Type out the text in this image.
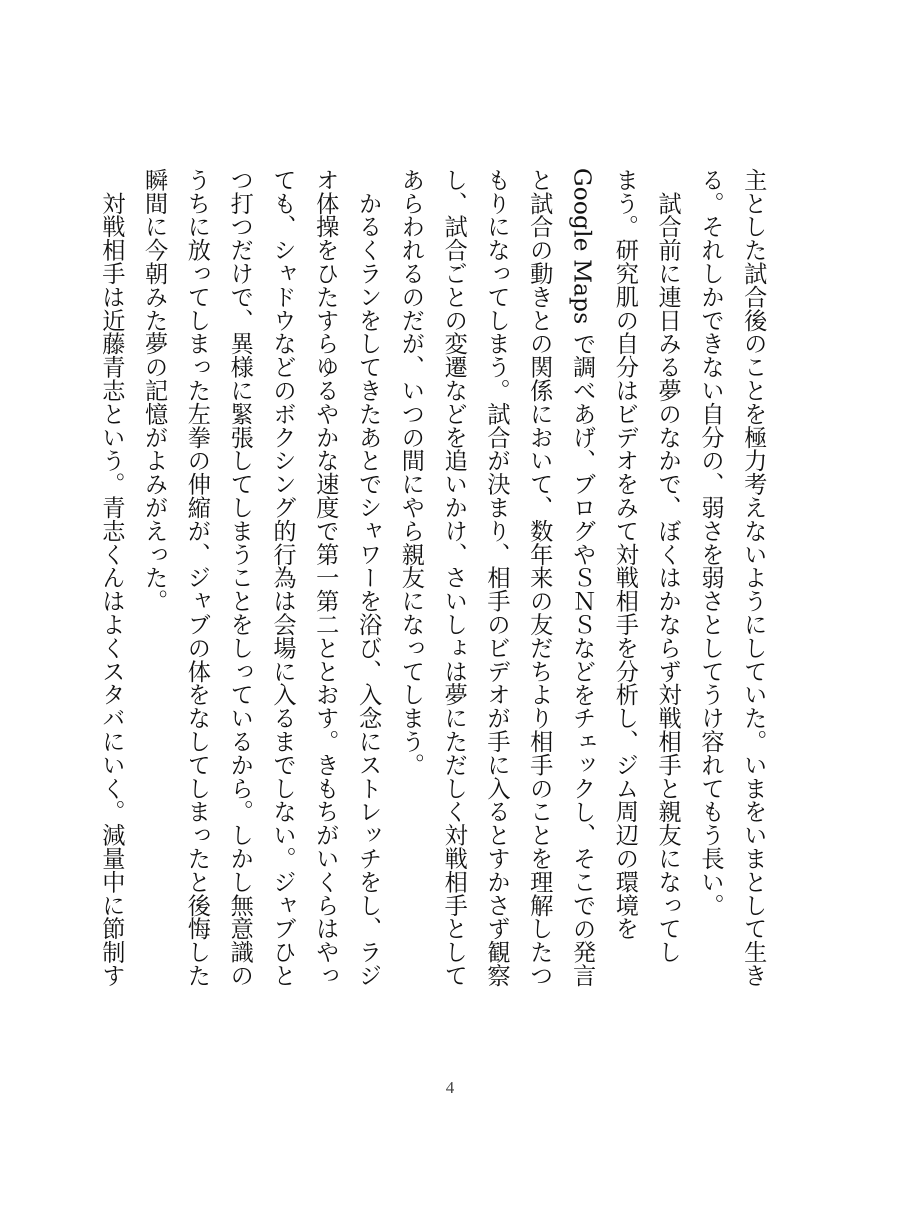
主とした試合後のことを極力考えないようにしていた。いまをいまとして生き
る。それしかできない自分の、弱さを弱さとしてうけ容れてもう長い。
　試合前に連日みる夢のなかで、ぼくはかならず対戦相手と親友になってし
まう。研究肌の自分はビデオをみて対戦相手を分析し、ジム周辺の環境を
Google Maps で調べあげ、ブログやＳＮＳなどをチェックし、そこでの発言
と試合の動きとの関係において、数年来の友だちより相手のことを理解したつ
もりになってしまう。試合が決まり、相手のビデオが手に入るとすかさず観察
し、試合ごとの変遷などを追いかけ、さいしょは夢にただしく対戦相手として
あらわれるのだが、いつの間にやら親友になってしまう。
　かるくランをしてきたあとでシャワーを浴び、入念にストレッチをし、ラジ
オ体操をひたすらゆるやかな速度で第一第二ととおす。きもちがいくらはやっ
ても、シャドウなどのボクシング的行為は会場に入るまでしない。ジャブひと
つ打つだけで、異様に緊張してしまうことをしっているから。しかし無意識の
うちに放ってしまった左拳の伸縮が、ジャブの体をなしてしまったと後悔した
瞬間に今朝みた夢の記憶がよみがえった。
　対戦相手は近藤青志という。青志くんはよくスタバにいく。減量中に節制す
4
